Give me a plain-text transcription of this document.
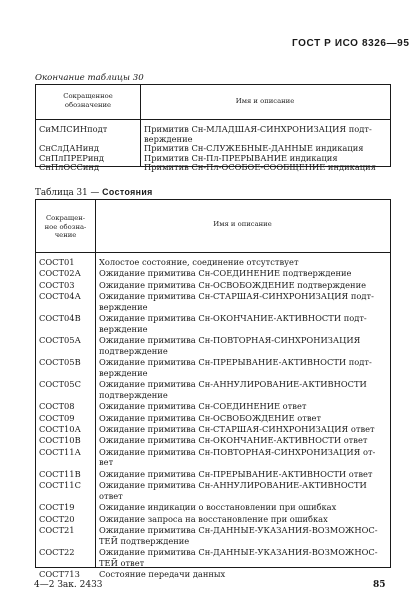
ГОСТ Р ИСО 8326—95
Окончание таблицы 30
Сокращенное
обозначение	Имя и описание
СиМЛСИНподт	Примитив Сн-МЛАДШАЯ-СИНХРОНИЗАЦИЯ подт-
верждение
СнСлДАНинд	Примитив Сн-СЛУЖЕБНЫЕ-ДАННЫЕ индикация
СнПлПРЕРинд	Примитив Сн-Пл-ПРЕРЫВАНИЕ индикация
СнПлОССинд	Примитив Сн-Пл-ОСОБОЕ-СООБЩЕНИЕ индикация
Таблица 31 — Состояния
Сокращен-
ное обозна-
чение
Имя и описание
СОСТ01	Холостое состояние, соединение отсутствует
СОСТ02А Ожидание примитива Сн-СОЕДИНЕНИЕ подтверждение
СОСТ03	Ожидание примитива Сн-ОСВОБОЖДЕНИЕ подтверждение
СОСТ04А Ожидание примитива Сн-СТАРШАЯ-СИНХРОНИЗАЦИЯ подт-
верждение
СОСТ04В Ожидание примитива Сн-ОКОНЧАНИЕ-АКТИВНОСТИ подт-
верждение
СОСТ05А Ожидание примитива Сн-ПОВТОРНАЯ-СИНХРОНИЗАЦИЯ
подтверждение
СОСТ05В Ожидание примитива Сн-ПРЕРЫВАНИЕ-АКТИВНОСТИ подт-
верждение
СОСТ05С Ожидание примитива Сн-АННУЛИРОВАНИЕ-АКТИВНОСТИ
подтверждение
СОСТ08	Ожидание примитива Сн-СОЕДИНЕНИЕ ответ
СОСТ09	Ожидание примитива Сн-ОСВОБОЖДЕНИЕ ответ
СОСТ10А Ожидание примитива Сн-СТАРШАЯ-СИНХРОНИЗАЦИЯ ответ
СОСТ10В Ожидание примитива Сн-ОКОНЧАНИЕ-АКТИВНОСТИ ответ
СОСТ11А Ожидание примитива Сн-ПОВТОРНАЯ-СИНХРОНИЗАЦИЯ от-
вет
СОСТ11В Ожидание примитива Сн-ПРЕРЫВАНИЕ-АКТИВНОСТИ ответ
СОСТ11С Ожидание примитива Сн-АННУЛИРОВАНИЕ-АКТИВНОСТИ
ответ
СОСТ19	Ожидание индикации о восстановлении при ошибках
СОСТ20	Ожидание запроса на восстановление при ошибках
СОСТ21	Ожидание примитива Сн-ДАННЫЕ-УКАЗАНИЯ-ВОЗМОЖНОС-
ТЕЙ подтверждение
СОСТ22	Ожидание примитива Сн-ДАННЫЕ-УКАЗАНИЯ-ВОЗМОЖНОС-
ТЕЙ ответ
СОСТ713 Состояние передачи данных
4—2 Зак. 2433	85
